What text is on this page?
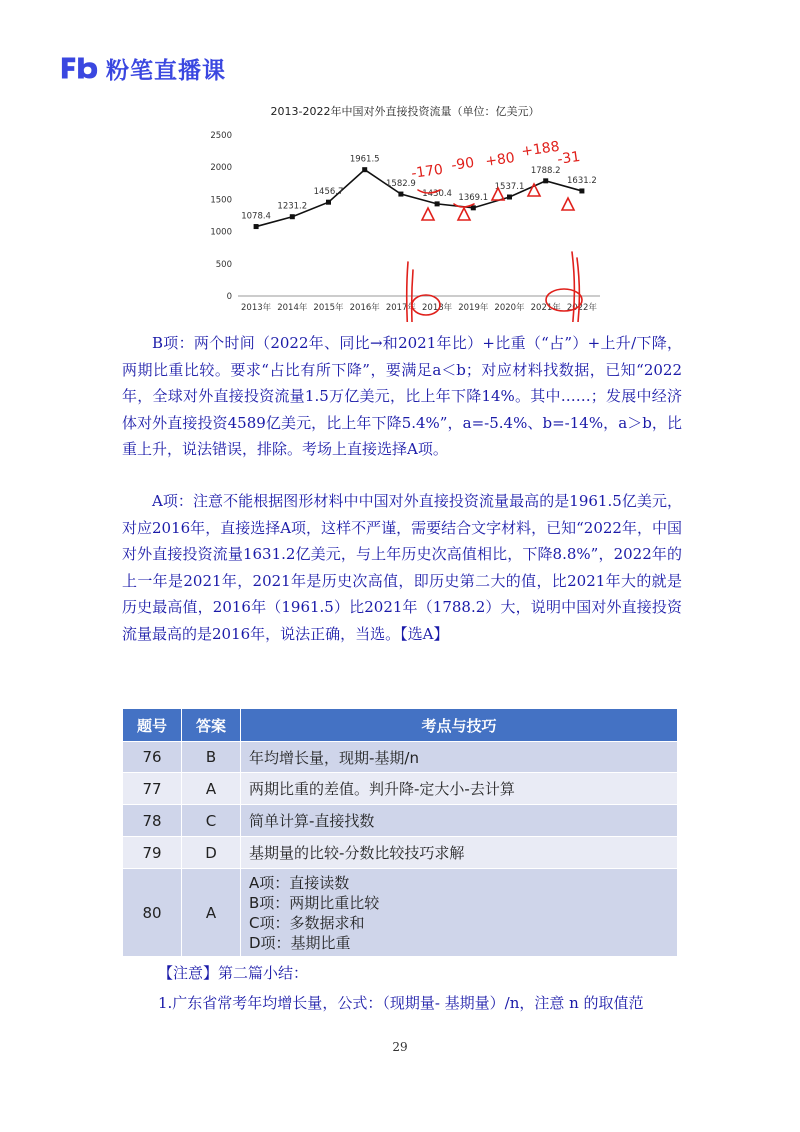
粉笔直播课
0
500
1000
1500
2000
2500
2013年 2014年 2015年 2016年 2017年 2018年 2019年 2020年 2021年 2022年
1078.4
1231.2
1456.7
1961.5
1582.9
1430.4 1369.1
1537.1
1788.2
1631.2
-170 -90 +80
+188
-31
2013-2022年中国对外直接投资流量（单位：亿美元）

B项：两个时间（2022年、同比→和2021年比）+比重（“占”）+上升/下降，两期比重比较。要求“占比有所下降”，要满足a＜b；对应材料找数据，已知“2022年，全球对外直接投资流量1.5万亿美元，比上年下降14%。其中……；发展中经济体对外直接投资4589亿美元，比上年下降5.4%”，a=-5.4%、b=-14%，a＞b，比重上升，说法错误，排除。考场上直接选择A项。

A项：注意不能根据图形材料中中国对外直接投资流量最高的是1961.5亿美元，对应2016年，直接选择A项，这样不严谨，需要结合文字材料，已知“2022年，中国对外直接投资流量1631.2亿美元，与上年历史次高值相比，下降8.8%”，2022年的上一年是2021年，2021年是历史次高值，即历史第二大的值，比2021年大的就是历史最高值，2016年（1961.5）比2021年（1788.2）大，说明中国对外直接投资流量最高的是2016年，说法正确，当选。【选A】

题号	答案	考点与技巧
76	B	年均增长量，现期-基期/n
77	A	两期比重的差值。判升降-定大小-去计算
78	C	简单计算-直接找数
79	D	基期量的比较-分数比较技巧求解
80	A	A项：直接读数
B项：两期比重比较
C项：多数据求和
D项：基期比重
【注意】第二篇小结：
1.广东省常考年均增长量，公式：（现期量- 基期量）/n，注意 n 的取值范
29
